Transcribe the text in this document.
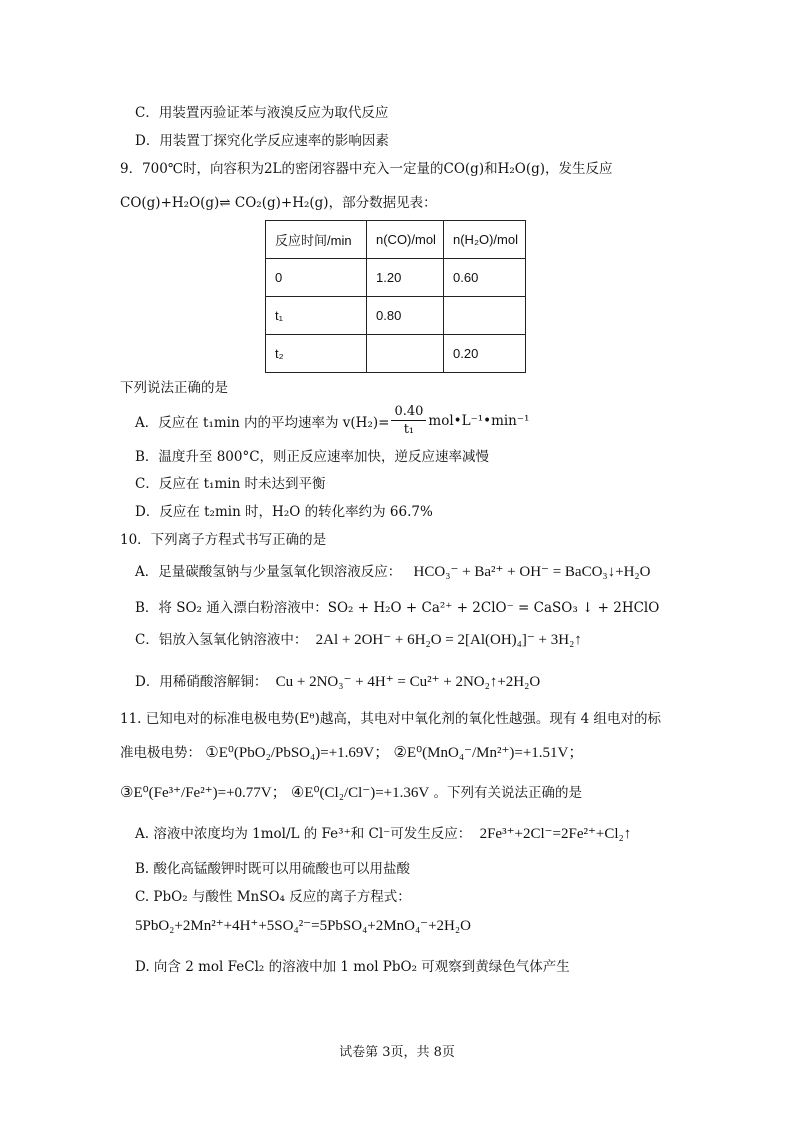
C．用装置丙验证苯与液溴反应为取代反应
D．用装置丁探究化学反应速率的影响因素
9．700℃时，向容积为2L的密闭容器中充入一定量的CO(g)和H₂O(g)，发生反应
CO(g)+H₂O(g)⇌ CO₂(g)+H₂(g)，部分数据见表：
反应时间/min	n(CO)/mol	n(H₂O)/mol
0	1.20	0.60
t₁	0.80	
t₂		0.20
下列说法正确的是
A．反应在 t₁min 内的平均速率为 $v(H_2)= \frac{0.40}{\text{t₁}}$ mol•L⁻¹•min⁻¹
B．温度升至 800°C，则正反应速率加快，逆反应速率减慢
C．反应在 t₁min 时未达到平衡
D．反应在 t₂min 时，H₂O 的转化率约为 66.7%
10．下列离子方程式书写正确的是
A．足量碳酸氢钠与少量氢氧化钡溶液反应： HCO₃⁻ + Ba²⁺ + OH⁻ = BaCO₃↓+H₂O
B．将 SO₂ 通入漂白粉溶液中：SO₂ + H₂O + Ca²⁺ + 2ClO⁻ = CaSO₃ ↓ + 2HClO
C．铝放入氢氧化钠溶液中： 2Al + 2OH⁻ + 6H₂O = 2[Al(OH)₄]⁻ + 3H₂↑
D．用稀硝酸溶解铜： Cu + 2NO₃⁻ + 4H⁺ = Cu²⁺ + 2NO₂↑+2H₂O
11. 已知电对的标准电极电势(Eᶿ)越高，其电对中氧化剂的氧化性越强。现有 4 组电对的标
准电极电势： ①E⁰(PbO₂/PbSO₄)=+1.69V； ②E⁰(MnO₄⁻/Mn²⁺)=+1.51V；
③E⁰(Fe³⁺/Fe²⁺)=+0.77V； ④E⁰(Cl₂/Cl⁻)=+1.36V 。下列有关说法正确的是
A. 溶液中浓度均为 1mol/L 的 Fe³⁺和 Cl⁻可发生反应： 2Fe³⁺+2Cl⁻=2Fe²⁺+Cl₂↑
B. 酸化高锰酸钾时既可以用硫酸也可以用盐酸
C. PbO₂ 与酸性 MnSO₄ 反应的离子方程式：
5PbO₂+2Mn²⁺+4H⁺+5SO₄²⁻=5PbSO₄+2MnO₄⁻+2H₂O
D. 向含 2 mol FeCl₂ 的溶液中加 1 mol PbO₂ 可观察到黄绿色气体产生
试卷第 3页，共 8页
